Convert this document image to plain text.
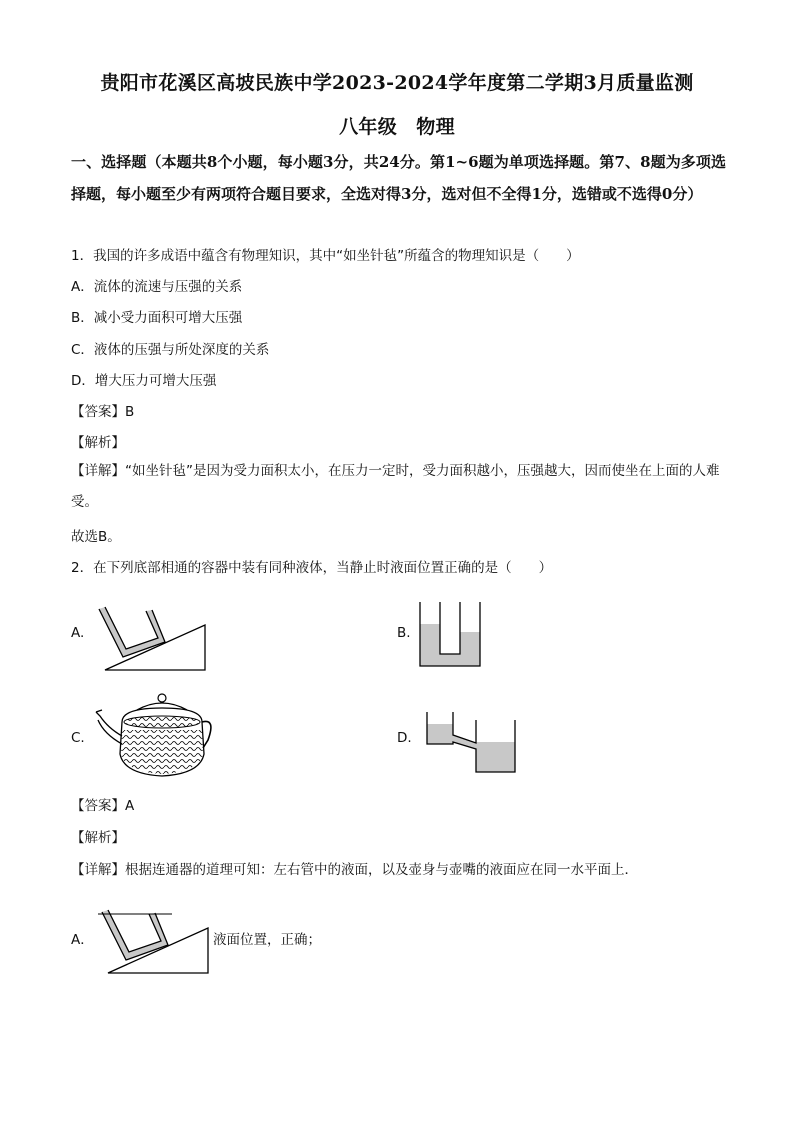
贵阳市花溪区高坡民族中学2023-2024学年度第二学期3月质量监测
八年级　物理
一、选择题（本题共8个小题，每小题3分，共24分。第1~6题为单项选择题。第7、8题为多项选择题，每小题至少有两项符合题目要求，全选对得3分，选对但不全得1分，选错或不选得0分）
1．我国的许多成语中蕴含有物理知识，其中“如坐针毡”所蕴含的物理知识是（　　）
A．流体的流速与压强的关系
B．减小受力面积可增大压强
C．液体的压强与所处深度的关系
D．增大压力可增大压强
【答案】B
【解析】
【详解】“如坐针毡”是因为受力面积太小，在压力一定时，受力面积越小，压强越大，因而使坐在上面的人难受。
故选B。
2．在下列底部相通的容器中装有同种液体，当静止时液面位置正确的是（　　）
A.	B.
C.	D.
【答案】A
【解析】
【详解】根据连通器的道理可知：左右管中的液面，以及壶身与壶嘴的液面应在同一水平面上．
A．	液面位置，正确；
